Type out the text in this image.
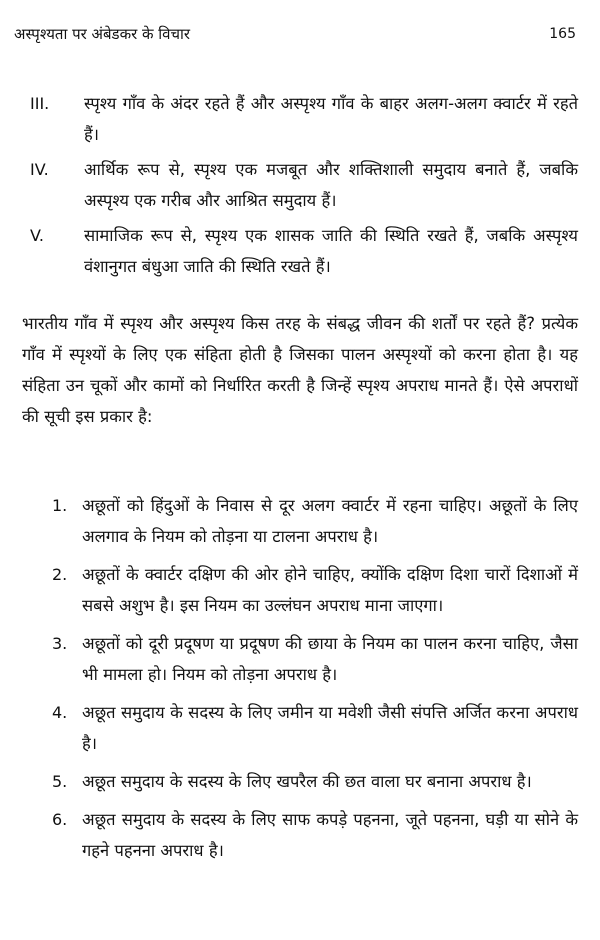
अस्पृश्यता पर अंबेडकर के विचार	165
III.	स्पृश्य गाँव के अंदर रहते हैं और अस्पृश्य गाँव के बाहर अलग-अलग क्वार्टर में रहते हैं।
IV.	आर्थिक रूप से, स्पृश्य एक मजबूत और शक्तिशाली समुदाय बनाते हैं, जबकि अस्पृश्य एक गरीब और आश्रित समुदाय हैं।
V.	सामाजिक रूप से, स्पृश्य एक शासक जाति की स्थिति रखते हैं, जबकि अस्पृश्य वंशानुगत बंधुआ जाति की स्थिति रखते हैं।
भारतीय गाँव में स्पृश्य और अस्पृश्य किस तरह के संबद्ध जीवन की शर्तों पर रहते हैं? प्रत्येक गाँव में स्पृश्यों के लिए एक संहिता होती है जिसका पालन अस्पृश्यों को करना होता है। यह संहिता उन चूकों और कामों को निर्धारित करती है जिन्हें स्पृश्य अपराध मानते हैं। ऐसे अपराधों की सूची इस प्रकार है:
1. अछूतों को हिंदुओं के निवास से दूर अलग क्वार्टर में रहना चाहिए। अछूतों के लिए अलगाव के नियम को तोड़ना या टालना अपराध है।
2. अछूतों के क्वार्टर दक्षिण की ओर होने चाहिए, क्योंकि दक्षिण दिशा चारों दिशाओं में सबसे अशुभ है। इस नियम का उल्लंघन अपराध माना जाएगा।
3. अछूतों को दूरी प्रदूषण या प्रदूषण की छाया के नियम का पालन करना चाहिए, जैसा भी मामला हो। नियम को तोड़ना अपराध है।
4. अछूत समुदाय के सदस्य के लिए जमीन या मवेशी जैसी संपत्ति अर्जित करना अपराध है।
5. अछूत समुदाय के सदस्य के लिए खपरैल की छत वाला घर बनाना अपराध है।
6. अछूत समुदाय के सदस्य के लिए साफ कपड़े पहनना, जूते पहनना, घड़ी या सोने के गहने पहनना अपराध है।
